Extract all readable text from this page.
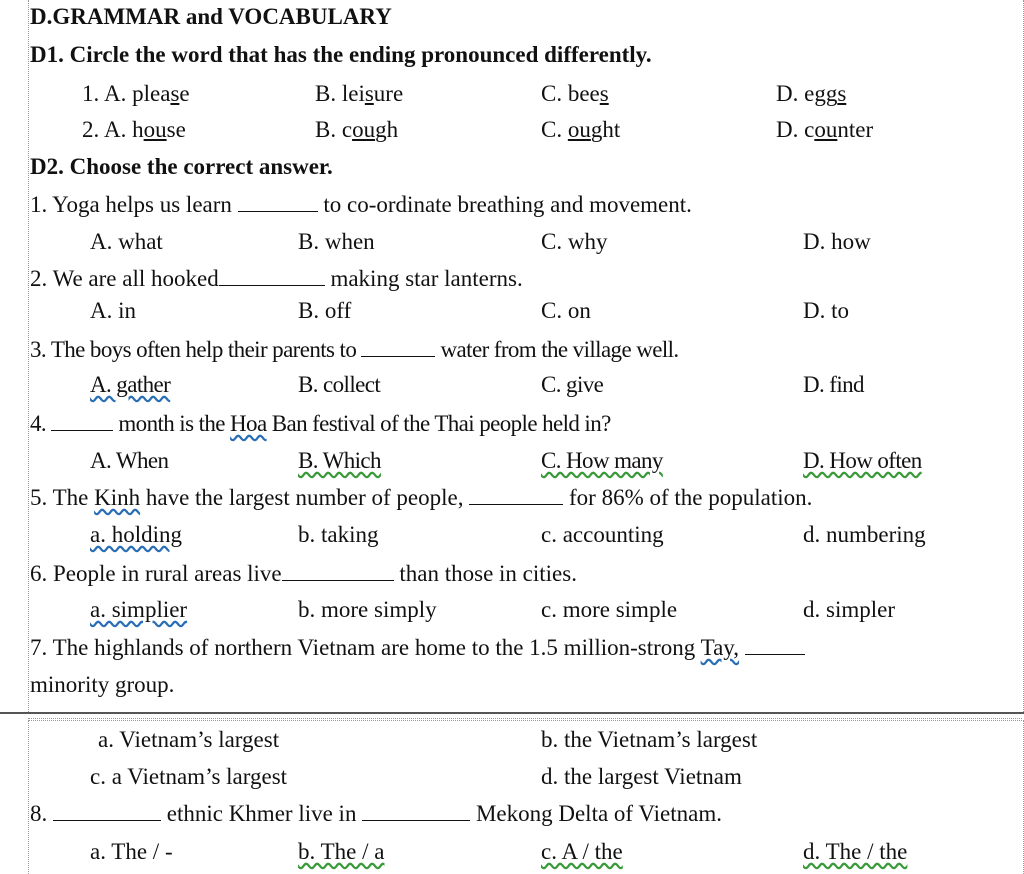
D.GRAMMAR and VOCABULARY
D1. Circle the word that has the ending pronounced differently.
1. A. please	B. leisure	C. bees	D. eggs
2. A. house	B. cough	C. ought	D. counter
D2. Choose the correct answer.
1. Yoga helps us learn	to co-ordinate breathing and movement.
A. what	B. when	C. why	D. how
2. We are all hooked	making star lanterns.
A. in	B. off	C. on	D. to
3. The boys often help their parents to	water from the village well.
A. gather	B. collect	C. give	D. find
4.	month is the Hoa Ban festival of the Thai people held in?
A. When	B. Which	C. How many	D. How often
5. The Kinh have the largest number of people,	for 86% of the population.
a. holding	b. taking	c. accounting	d. numbering
6. People in rural areas live	than those in cities.
a. simplier	b. more simply	c. more simple	d. simpler
7. The highlands of northern Vietnam are home to the 1.5 million-strong Tay,
minority group.
a. Vietnam’s largest	b. the Vietnam’s largest
c. a Vietnam’s largest	d. the largest Vietnam
8.	ethnic Khmer live in	Mekong Delta of Vietnam.
a. The / -	b. The / a	c. A / the	d. The / the
